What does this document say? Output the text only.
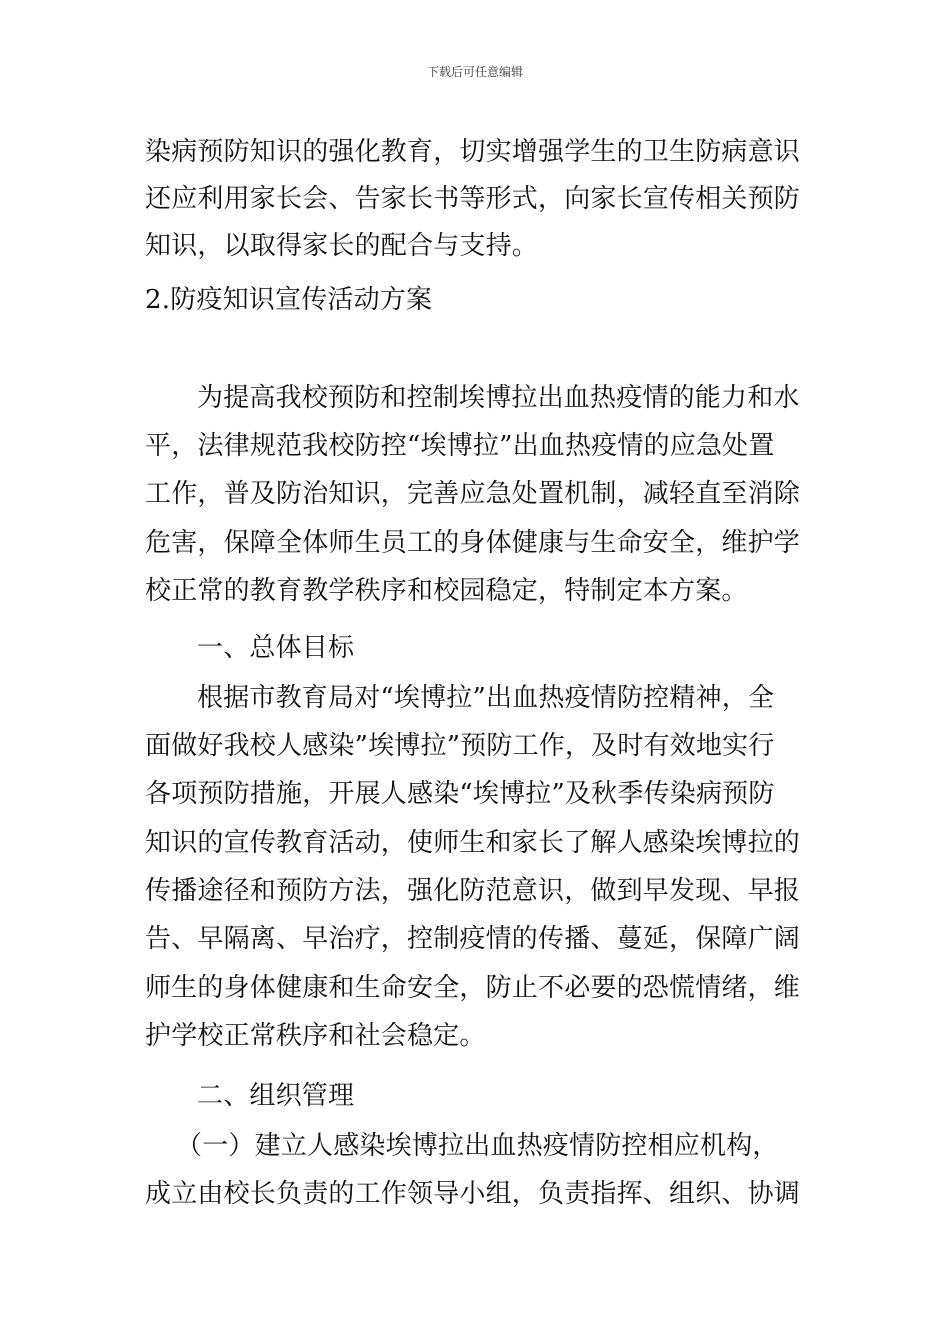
下载后可任意编辑
染病预防知识的强化教育，切实增强学生的卫生防病意识
还应利用家长会、告家长书等形式，向家长宣传相关预防
知识，以取得家长的配合与支持。
2.防疫知识宣传活动方案
为提高我校预防和控制埃博拉出血热疫情的能力和水
平，法律规范我校防控“埃博拉”出血热疫情的应急处置
工作，普及防治知识，完善应急处置机制，减轻直至消除
危害，保障全体师生员工的身体健康与生命安全，维护学
校正常的教育教学秩序和校园稳定，特制定本方案。
一、总体目标
根据市教育局对“埃博拉”出血热疫情防控精神，全
面做好我校人感染”埃博拉”预防工作，及时有效地实行
各项预防措施，开展人感染“埃博拉”及秋季传染病预防
知识的宣传教育活动，使师生和家长了解人感染埃博拉的
传播途径和预防方法，强化防范意识，做到早发现、早报
告、早隔离、早治疗，控制疫情的传播、蔓延，保障广阔
师生的身体健康和生命安全，防止不必要的恐慌情绪，维
护学校正常秩序和社会稳定。
二、组织管理
（一）建立人感染埃博拉出血热疫情防控相应机构，
成立由校长负责的工作领导小组，负责指挥、组织、协调
